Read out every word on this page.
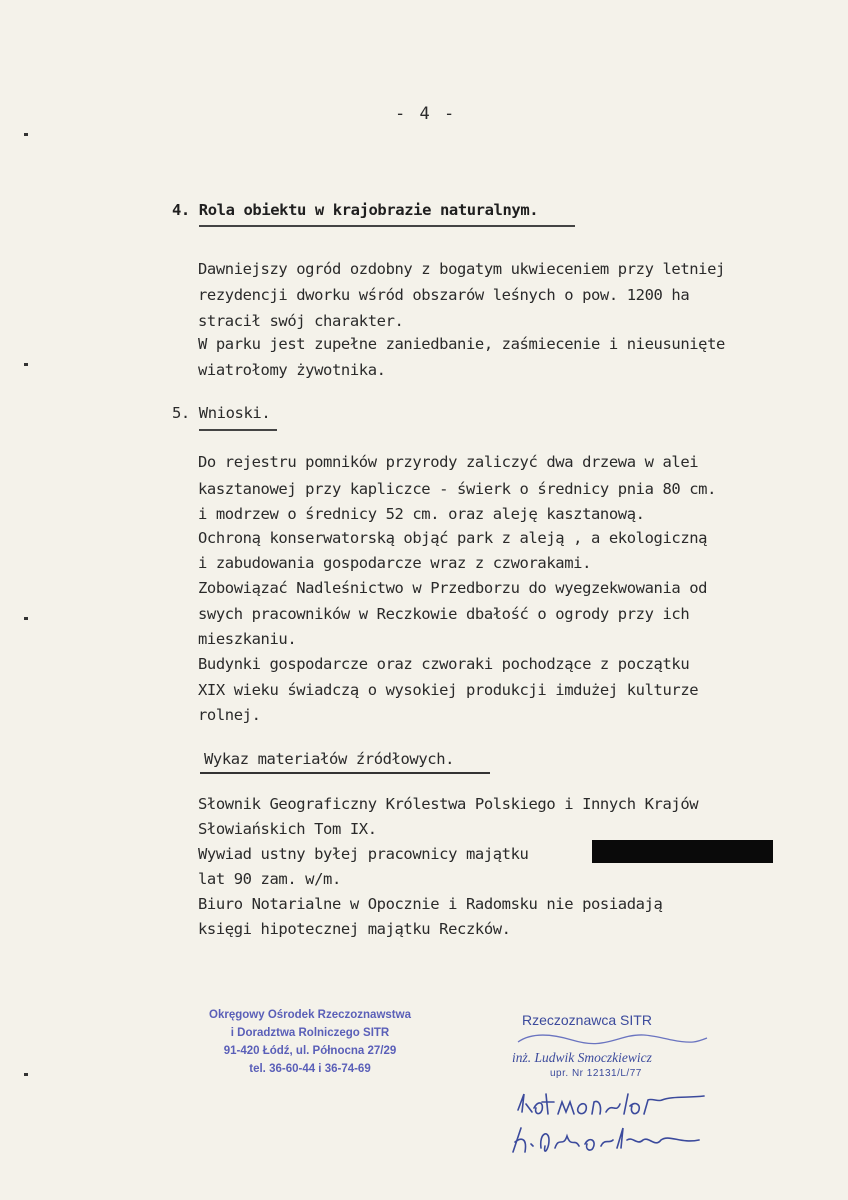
- 4 -
4. Rola obiektu w krajobrazie naturalnym.
Dawniejszy ogród ozdobny z bogatym ukwieceniem przy letniej
rezydencji dworku wśród obszarów leśnych o pow. 1200 ha
stracił swój charakter.
W parku jest zupełne zaniedbanie, zaśmiecenie i nieusunięte
wiatrołomy żywotnika.
5. Wnioski.
Do rejestru pomników przyrody zaliczyć dwa drzewa w alei
kasztanowej przy kapliczce - świerk o średnicy pnia 80 cm.
i modrzew o średnicy 52 cm. oraz aleję kasztanową.
Ochroną konserwatorską objąć park z aleją , a ekologiczną
i zabudowania gospodarcze wraz z czworakami.
Zobowiązać Nadleśnictwo w Przedborzu do wyegzekwowania od
swych pracowników w Reczkowie dbałość o ogrody przy ich
mieszkaniu.
Budynki gospodarcze oraz czworaki pochodzące z początku
XIX wieku świadczą o wysokiej produkcji imdużej kulturze
rolnej.
Wykaz materiałów źródłowych.
Słownik Geograficzny Królestwa Polskiego i Innych Krajów
Słowiańskich Tom IX.
Wywiad ustny byłej pracownicy majątku
lat 90 zam. w/m.
Biuro Notarialne w Opocznie i Radomsku nie posiadają
księgi hipotecznej majątku Reczków.
Okręgowy Ośrodek Rzeczoznawstwa
i Doradztwa Rolniczego SITR
91-420 Łódź, ul. Północna 27/29
tel. 36-60-44 i 36-74-69
Rzeczoznawca SITR
inż. Ludwik Smoczkiewicz
upr. Nr 12131/L/77
